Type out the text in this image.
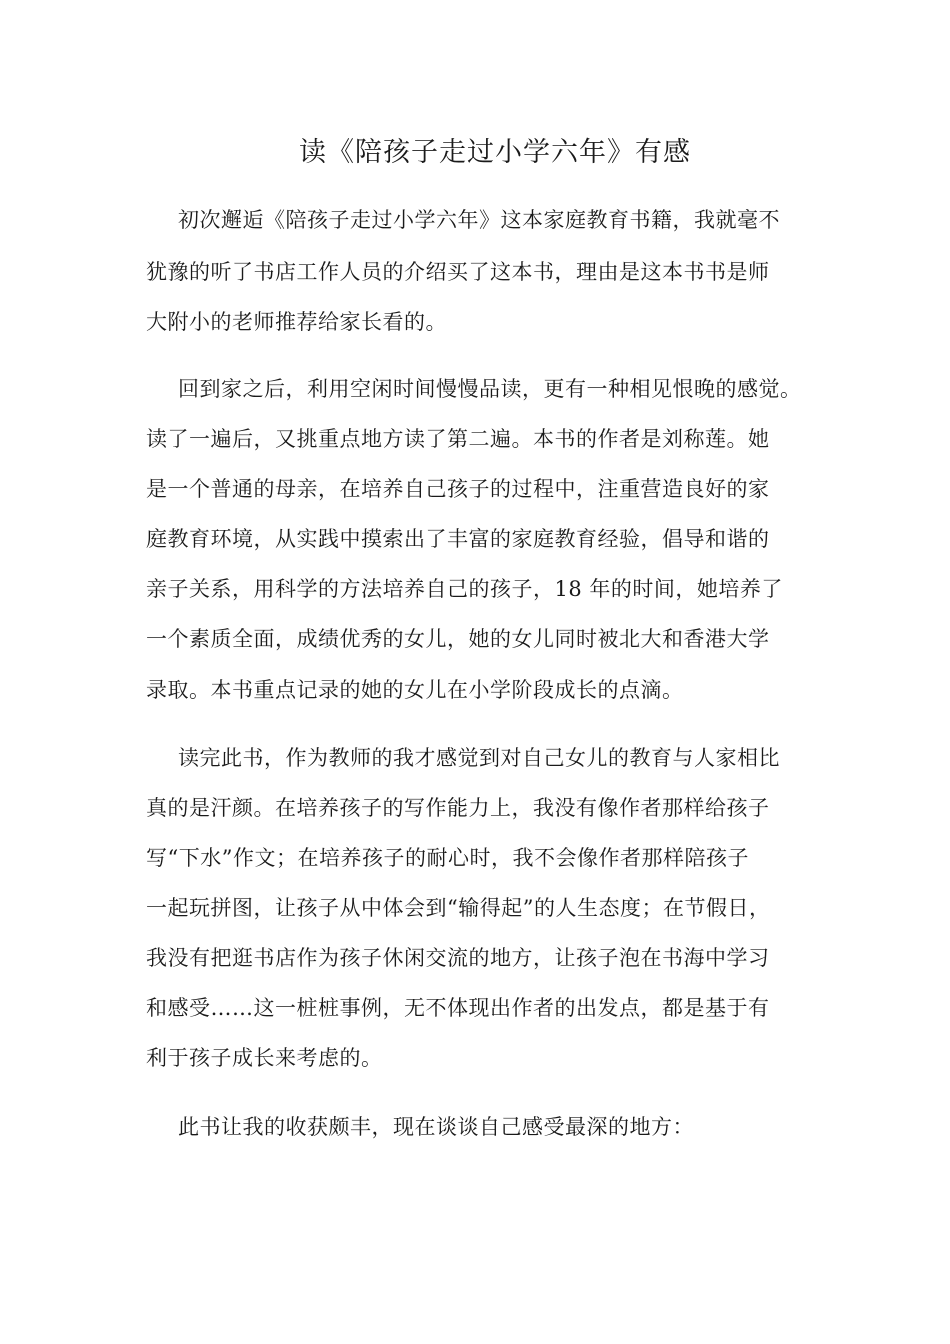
读《陪孩子走过小学六年》有感
初次邂逅《陪孩子走过小学六年》这本家庭教育书籍，我就毫不
犹豫的听了书店工作人员的介绍买了这本书，理由是这本书书是师
大附小的老师推荐给家长看的。
回到家之后，利用空闲时间慢慢品读，更有一种相见恨晚的感觉。
读了一遍后，又挑重点地方读了第二遍。本书的作者是刘称莲。她
是一个普通的母亲，在培养自己孩子的过程中，注重营造良好的家
庭教育环境，从实践中摸索出了丰富的家庭教育经验，倡导和谐的
亲子关系，用科学的方法培养自己的孩子，18 年的时间，她培养了
一个素质全面，成绩优秀的女儿，她的女儿同时被北大和香港大学
录取。本书重点记录的她的女儿在小学阶段成长的点滴。
读完此书，作为教师的我才感觉到对自己女儿的教育与人家相比
真的是汗颜。在培养孩子的写作能力上，我没有像作者那样给孩子
写“下水”作文；在培养孩子的耐心时，我不会像作者那样陪孩子
一起玩拼图，让孩子从中体会到“输得起”的人生态度；在节假日，
我没有把逛书店作为孩子休闲交流的地方，让孩子泡在书海中学习
和感受……这一桩桩事例，无不体现出作者的出发点，都是基于有
利于孩子成长来考虑的。
此书让我的收获颇丰，现在谈谈自己感受最深的地方：
